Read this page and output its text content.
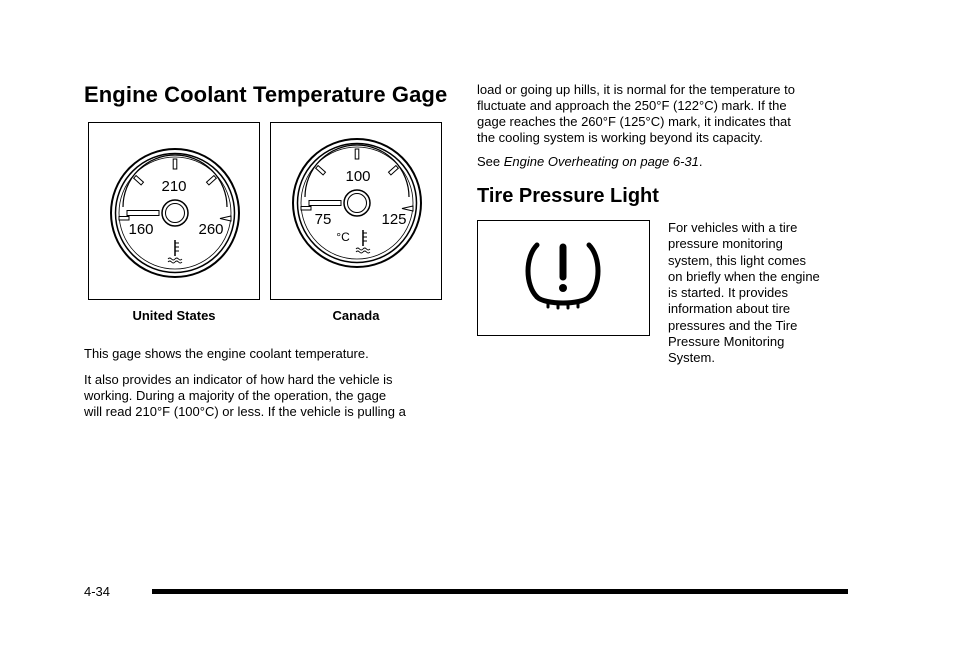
Engine Coolant Temperature Gage
210
160	260
100
75	125
°C
United States	Canada

This gage shows the engine coolant temperature.

It also provides an indicator of how hard the vehicle is
working. During a majority of the operation, the gage
will read 210°F (100°C) or less. If the vehicle is pulling a
load or going up hills, it is normal for the temperature to
fluctuate and approach the 250°F (122°C) mark. If the
gage reaches the 260°F (125°C) mark, it indicates that
the cooling system is working beyond its capacity.

See Engine Overheating on page 6-31.

Tire Pressure Light
For vehicles with a tire
pressure monitoring
system, this light comes
on briefly when the engine
is started. It provides
information about tire
pressures and the Tire
Pressure Monitoring
System.
4-34
